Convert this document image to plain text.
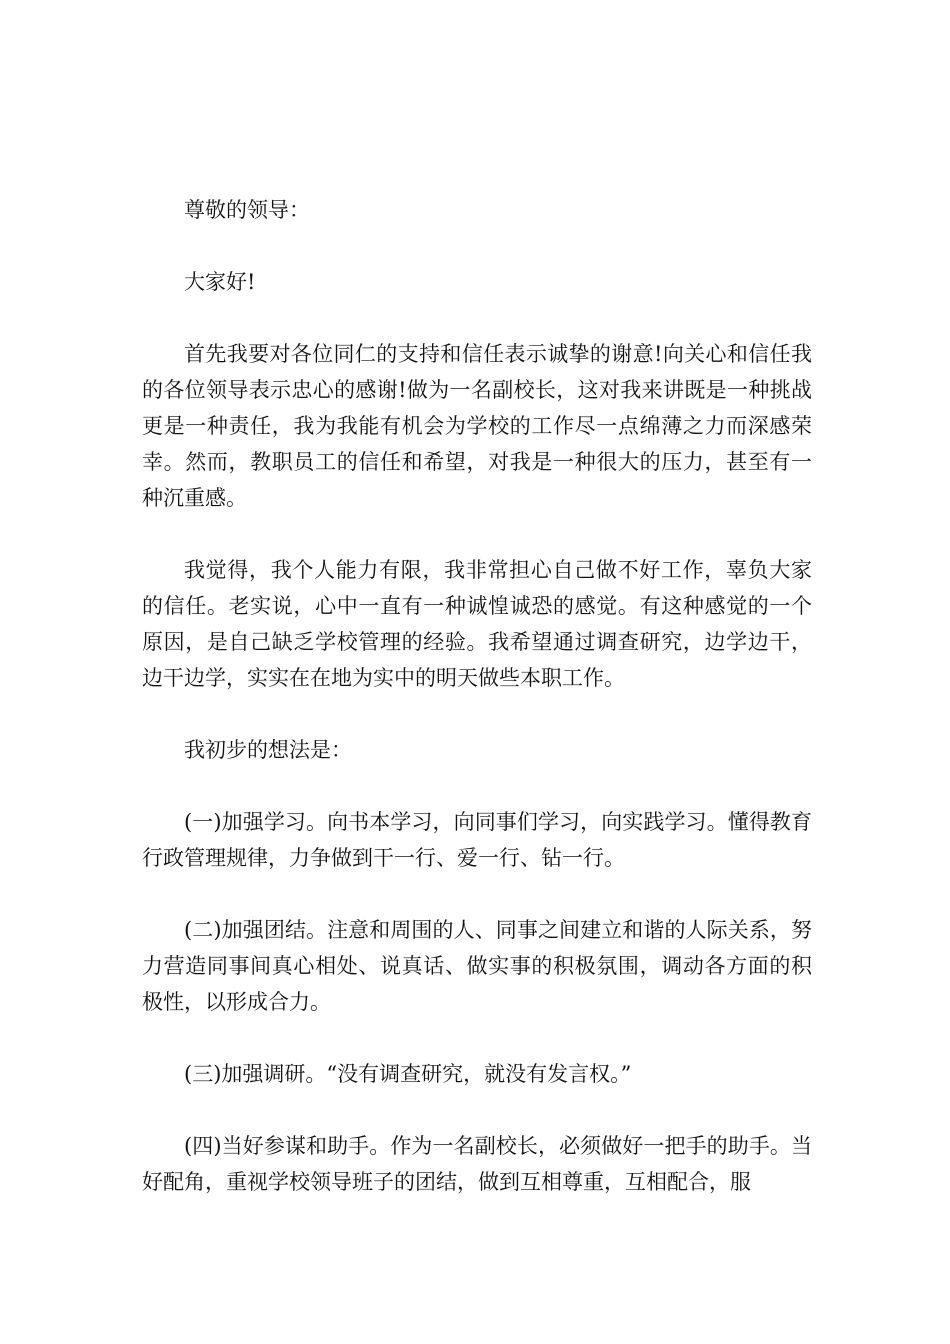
尊敬的领导：

大家好!

首先我要对各位同仁的支持和信任表示诚挚的谢意!向关心和信任我的各位领导表示忠心的感谢!做为一名副校长，这对我来讲既是一种挑战更是一种责任，我为我能有机会为学校的工作尽一点绵薄之力而深感荣幸。然而，教职员工的信任和希望，对我是一种很大的压力，甚至有一种沉重感。

我觉得，我个人能力有限，我非常担心自己做不好工作，辜负大家的信任。老实说，心中一直有一种诚惶诚恐的感觉。有这种感觉的一个原因，是自己缺乏学校管理的经验。我希望通过调查研究，边学边干，边干边学，实实在在地为实中的明天做些本职工作。

我初步的想法是：

(一)加强学习。向书本学习，向同事们学习，向实践学习。懂得教育行政管理规律，力争做到干一行、爱一行、钻一行。

(二)加强团结。注意和周围的人、同事之间建立和谐的人际关系，努力营造同事间真心相处、说真话、做实事的积极氛围，调动各方面的积极性，以形成合力。

(三)加强调研。“没有调查研究，就没有发言权。”

(四)当好参谋和助手。作为一名副校长，必须做好一把手的助手。当好配角，重视学校领导班子的团结，做到互相尊重，互相配合，服
